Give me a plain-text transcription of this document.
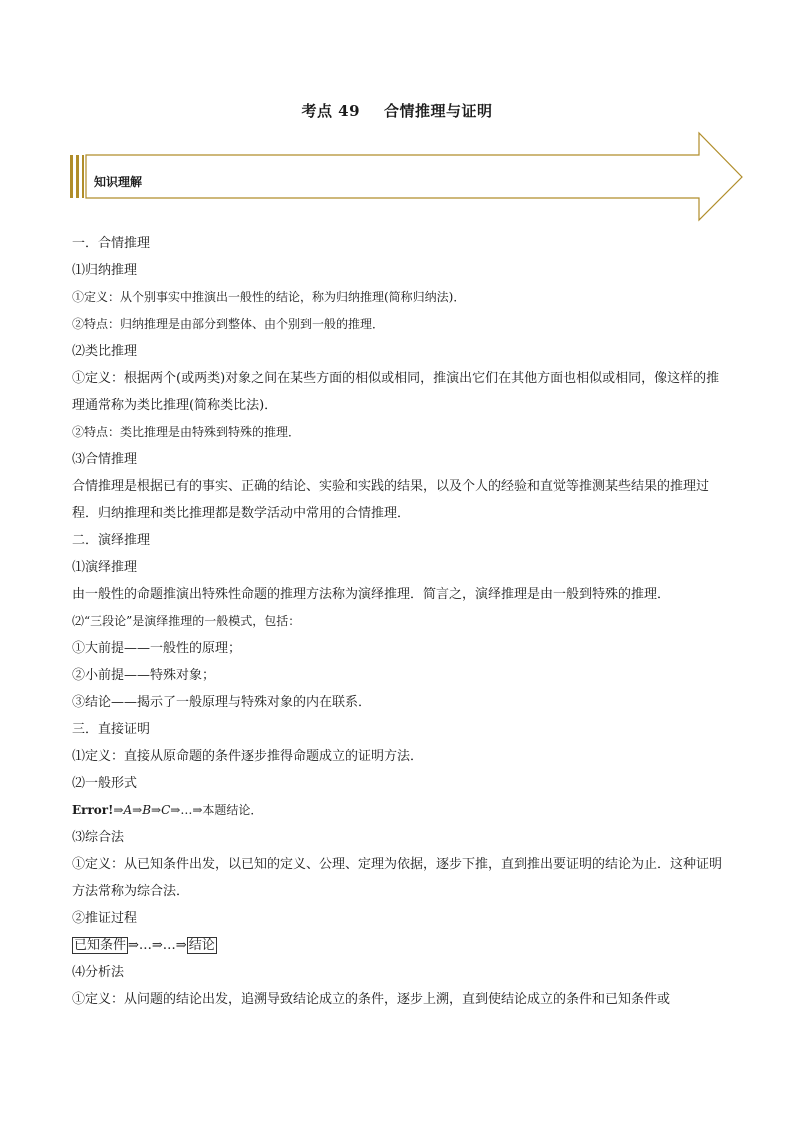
考点 49 合情推理与证明
知识理解
一．合情推理
⑴归纳推理
①定义：从个别事实中推演出一般性的结论，称为归纳推理(简称归纳法)．
②特点：归纳推理是由部分到整体、由个别到一般的推理．
⑵类比推理
①定义：根据两个(或两类)对象之间在某些方面的相似或相同，推演出它们在其他方面也相似或相同，像这样的推理通常称为类比推理(简称类比法)．
②特点：类比推理是由特殊到特殊的推理．
⑶合情推理
合情推理是根据已有的事实、正确的结论、实验和实践的结果，以及个人的经验和直觉等推测某些结果的推理过程．归纳推理和类比推理都是数学活动中常用的合情推理．
二．演绎推理
⑴演绎推理
由一般性的命题推演出特殊性命题的推理方法称为演绎推理．简言之，演绎推理是由一般到特殊的推理．
⑵“三段论”是演绎推理的一般模式，包括：
①大前提——一般性的原理；
②小前提——特殊对象；
③结论——揭示了一般原理与特殊对象的内在联系．
三．直接证明
⑴定义：直接从原命题的条件逐步推得命题成立的证明方法．
⑵一般形式
Error!⇒A⇒B⇒C⇒…⇒本题结论．
⑶综合法
①定义：从已知条件出发，以已知的定义、公理、定理为依据，逐步下推，直到推出要证明的结论为止．这种证明方法常称为综合法．
②推证过程
已知条件 ⇒…⇒…⇒ 结论
⑷分析法
①定义：从问题的结论出发，追溯导致结论成立的条件，逐步上溯，直到使结论成立的条件和已知条件或
